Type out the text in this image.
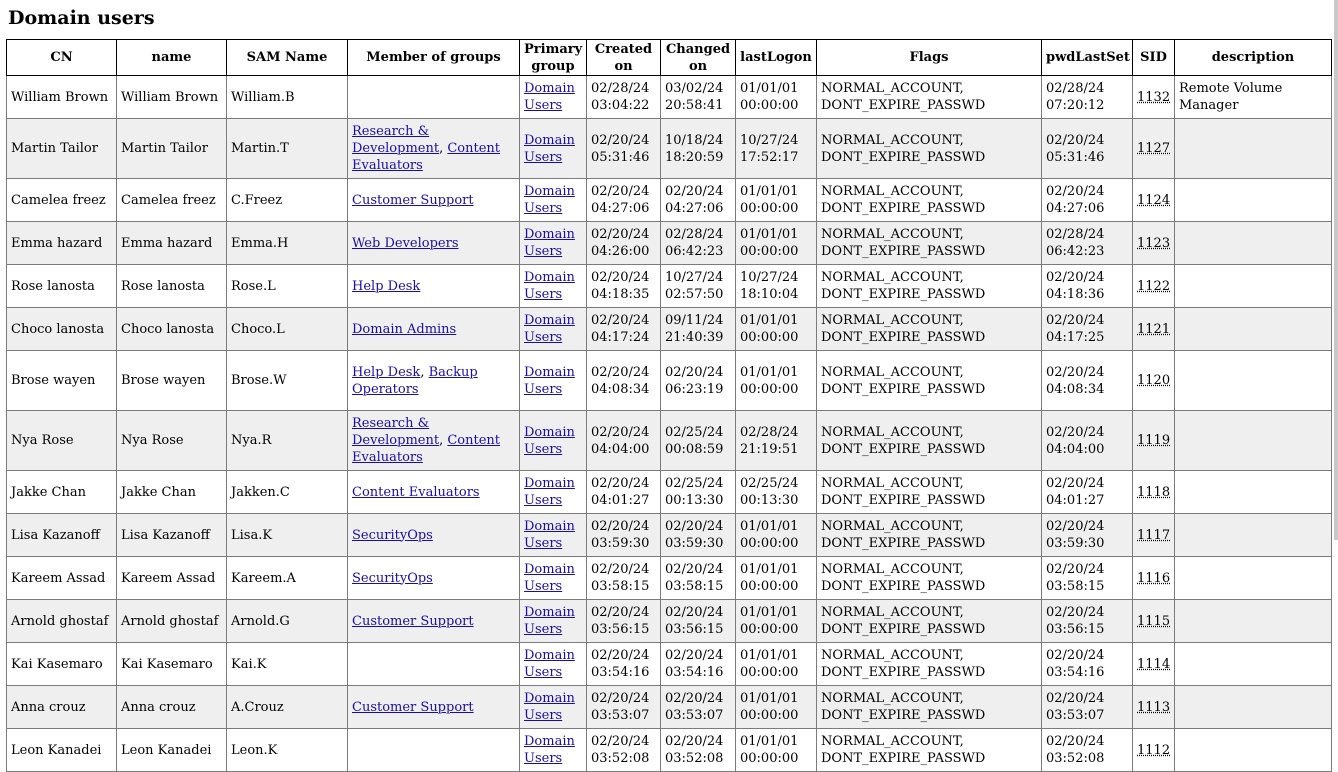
Domain users
CN	name	SAM Name	Member of groups	Primary group	Created on	Changed on	lastLogon	Flags	pwdLastSet	SID	description
William Brown	William Brown	William.B		Domain Users	02/28/24 03:04:22	03/02/24 20:58:41	01/01/01 00:00:00	NORMAL_ACCOUNT, DONT_EXPIRE_PASSWD	02/28/24 07:20:12	1132	Remote Volume Manager
Martin Tailor	Martin Tailor	Martin.T	Research & Development, Content Evaluators	Domain Users	02/20/24 05:31:46	10/18/24 18:20:59	10/27/24 17:52:17	NORMAL_ACCOUNT, DONT_EXPIRE_PASSWD	02/20/24 05:31:46	1127	
Camelea freez	Camelea freez	C.Freez	Customer Support	Domain Users	02/20/24 04:27:06	02/20/24 04:27:06	01/01/01 00:00:00	NORMAL_ACCOUNT, DONT_EXPIRE_PASSWD	02/20/24 04:27:06	1124	
Emma hazard	Emma hazard	Emma.H	Web Developers	Domain Users	02/20/24 04:26:00	02/28/24 06:42:23	01/01/01 00:00:00	NORMAL_ACCOUNT, DONT_EXPIRE_PASSWD	02/28/24 06:42:23	1123	
Rose lanosta	Rose lanosta	Rose.L	Help Desk	Domain Users	02/20/24 04:18:35	10/27/24 02:57:50	10/27/24 18:10:04	NORMAL_ACCOUNT, DONT_EXPIRE_PASSWD	02/20/24 04:18:36	1122	
Choco lanosta	Choco lanosta	Choco.L	Domain Admins	Domain Users	02/20/24 04:17:24	09/11/24 21:40:39	01/01/01 00:00:00	NORMAL_ACCOUNT, DONT_EXPIRE_PASSWD	02/20/24 04:17:25	1121	
Brose wayen	Brose wayen	Brose.W	Help Desk, Backup Operators	Domain Users	02/20/24 04:08:34	02/20/24 06:23:19	01/01/01 00:00:00	NORMAL_ACCOUNT, DONT_EXPIRE_PASSWD	02/20/24 04:08:34	1120	
Nya Rose	Nya Rose	Nya.R	Research & Development, Content Evaluators	Domain Users	02/20/24 04:04:00	02/25/24 00:08:59	02/28/24 21:19:51	NORMAL_ACCOUNT, DONT_EXPIRE_PASSWD	02/20/24 04:04:00	1119	
Jakke Chan	Jakke Chan	Jakken.C	Content Evaluators	Domain Users	02/20/24 04:01:27	02/25/24 00:13:30	02/25/24 00:13:30	NORMAL_ACCOUNT, DONT_EXPIRE_PASSWD	02/20/24 04:01:27	1118	
Lisa Kazanoff	Lisa Kazanoff	Lisa.K	SecurityOps	Domain Users	02/20/24 03:59:30	02/20/24 03:59:30	01/01/01 00:00:00	NORMAL_ACCOUNT, DONT_EXPIRE_PASSWD	02/20/24 03:59:30	1117	
Kareem Assad	Kareem Assad	Kareem.A	SecurityOps	Domain Users	02/20/24 03:58:15	02/20/24 03:58:15	01/01/01 00:00:00	NORMAL_ACCOUNT, DONT_EXPIRE_PASSWD	02/20/24 03:58:15	1116	
Arnold ghostaf	Arnold ghostaf	Arnold.G	Customer Support	Domain Users	02/20/24 03:56:15	02/20/24 03:56:15	01/01/01 00:00:00	NORMAL_ACCOUNT, DONT_EXPIRE_PASSWD	02/20/24 03:56:15	1115	
Kai Kasemaro	Kai Kasemaro	Kai.K		Domain Users	02/20/24 03:54:16	02/20/24 03:54:16	01/01/01 00:00:00	NORMAL_ACCOUNT, DONT_EXPIRE_PASSWD	02/20/24 03:54:16	1114	
Anna crouz	Anna crouz	A.Crouz	Customer Support	Domain Users	02/20/24 03:53:07	02/20/24 03:53:07	01/01/01 00:00:00	NORMAL_ACCOUNT, DONT_EXPIRE_PASSWD	02/20/24 03:53:07	1113	
Leon Kanadei	Leon Kanadei	Leon.K		Domain Users	02/20/24 03:52:08	02/20/24 03:52:08	01/01/01 00:00:00	NORMAL_ACCOUNT, DONT_EXPIRE_PASSWD	02/20/24 03:52:08	1112	
